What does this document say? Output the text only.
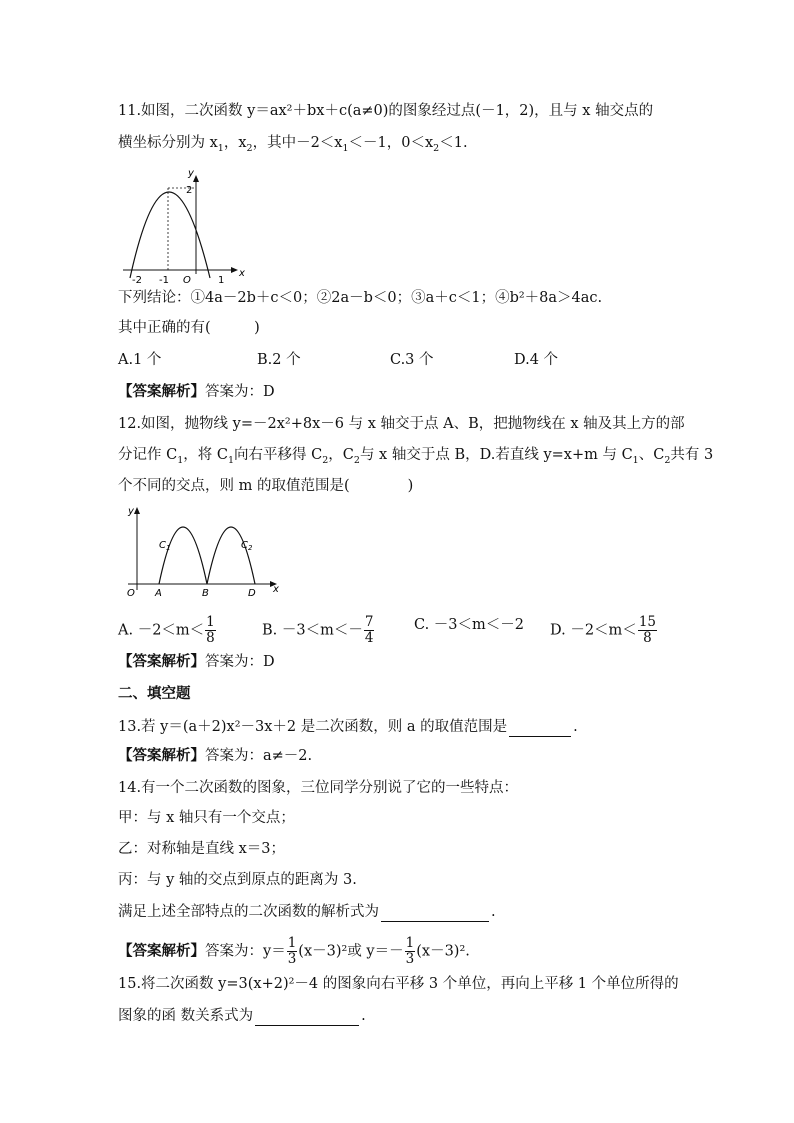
11.如图，二次函数 y＝ax²＋bx＋c(a≠0)的图象经过点(－1，2)，且与 x 轴交点的
横坐标分别为 $x_1$，$x_2$，其中$-2<x_1<-1$，$0<x_2<1$.
y
x
2
-2 -1 O	1
下列结论：①4a－2b＋c＜0；②2a－b＜0；③a＋c＜1；④b²＋8a＞4ac.
其中正确的有(　　　)
A.1 个	B.2 个	C.3 个	D.4 个
【答案解析】答案为：D
12.如图，抛物线 y=－2x²+8x－6 与 x 轴交于点 A、B，把抛物线在 x 轴及其上方的部
分记作 $C_1$，将 $C_1$向右平移得 $C_2$，$C_2$与 x 轴交于点 B，D.若直线 y=x+m 与 $C_1$、$C_2$共有 3
个不同的交点，则 m 的取值范围是(　　　　)
y
x
$C_1$	$C_2$
O A	B	D
A. $-2<m< \frac{1}{8}$	B. $-3<m<- \frac{7}{4}$	C. －3＜m＜－2 D. $-2<m< \frac{15}{8}$
【答案解析】答案为：D
二、填空题
13.若 y＝(a＋2)x²－3x＋2 是二次函数，则 a 的取值范围是	.
【答案解析】答案为：a≠－2.
14.有一个二次函数的图象，三位同学分别说了它的一些特点：
甲：与 x 轴只有一个交点；
乙：对称轴是直线 x＝3；
丙：与 y 轴的交点到原点的距离为 3.
满足上述全部特点的二次函数的解析式为	.
【答案解析】答案为：$y= \frac{1}{3} (x-3)^2$或 $y=- \frac{1}{3} (x-3)^2$.
15.将二次函数 y=3(x+2)²－4 的图象向右平移 3 个单位，再向上平移 1 个单位所得的
图象的函 数关系式为	.
